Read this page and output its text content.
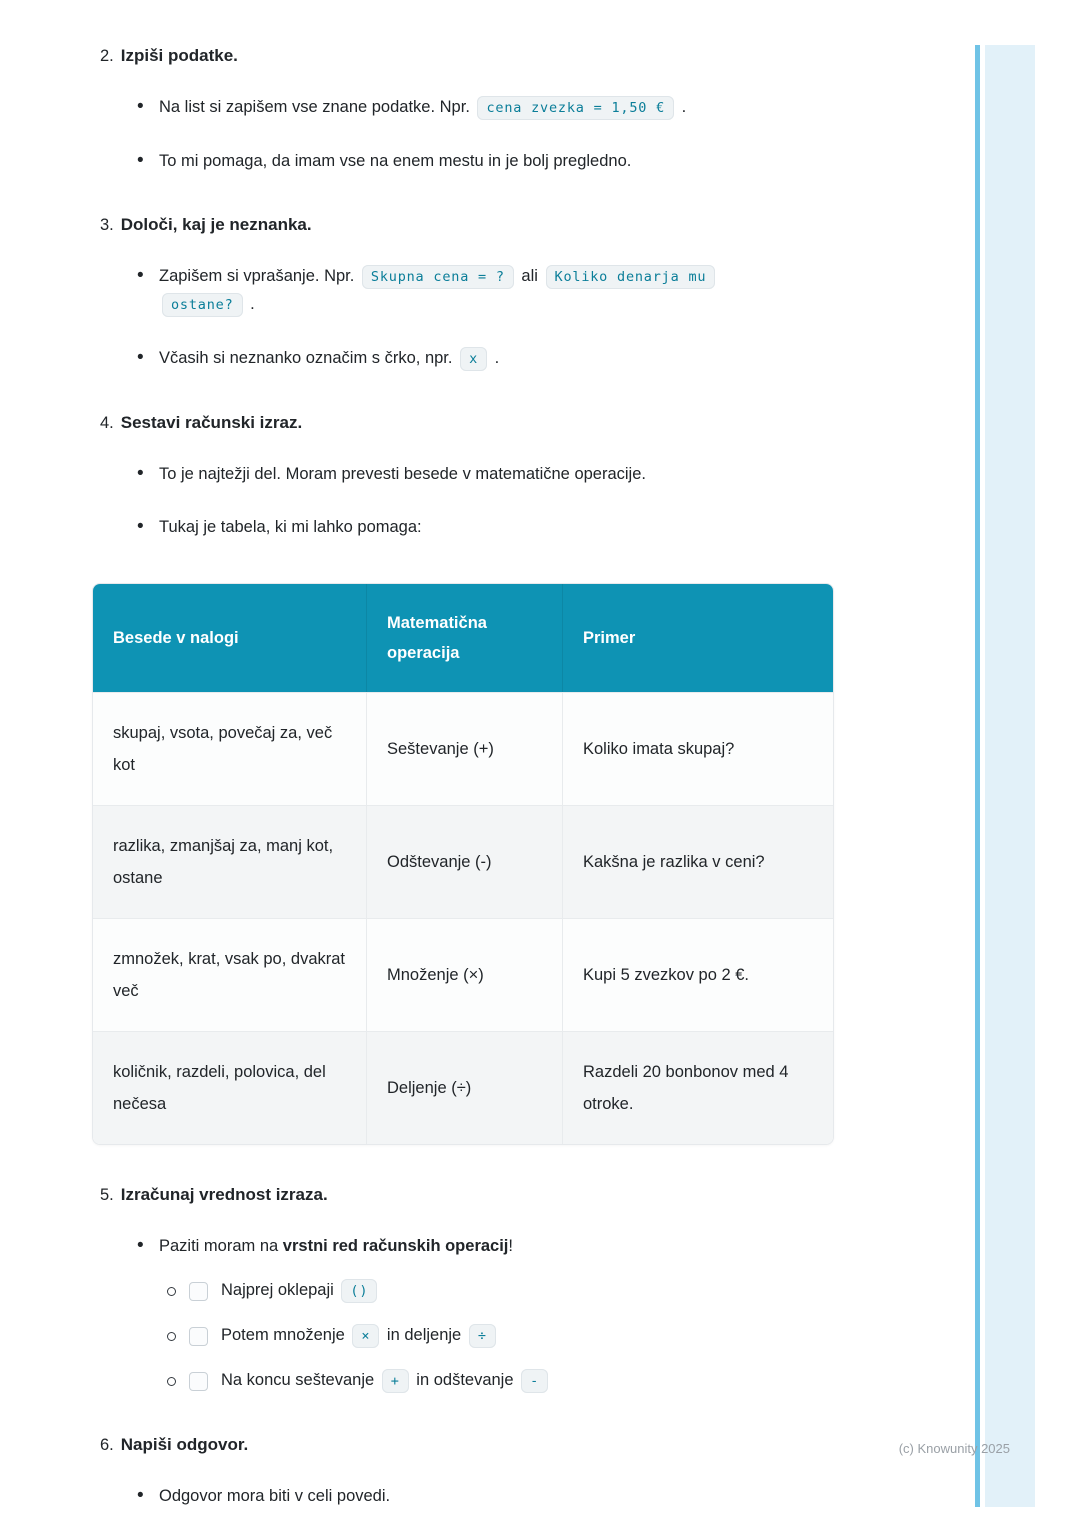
2. Izpiši podatke.
•
Na list si zapišem vse znane podatke. Npr. cena zvezka = 1,50 € .
•
To mi pomaga, da imam vse na enem mestu in je bolj pregledno.
3. Določi, kaj je neznanka.
•
Zapišem si vprašanje. Npr. Skupna cena = ? ali Koliko denarja mu
ostane? .
•
Včasih si neznanko označim s črko, npr. x .
4. Sestavi računski izraz.
•
To je najtežji del. Moram prevesti besede v matematične operacije.
•
Tukaj je tabela, ki mi lahko pomaga:
Besede v nalogi	Matematična operacija	Primer
skupaj, vsota, povečaj za, več kot	Seštevanje (+)	Koliko imata skupaj?
razlika, zmanjšaj za, manj kot, ostane	Odštevanje (-)	Kakšna je razlika v ceni?
zmnožek, krat, vsak po, dvakrat več	Množenje (×)	Kupi 5 zvezkov po 2 €.
količnik, razdeli, polovica, del nečesa	Deljenje (÷)	Razdeli 20 bonbonov med 4 otroke.
5. Izračunaj vrednost izraza.
•
Paziti moram na vrstni red računskih operacij!
Najprej oklepaji ()
Potem množenje × in deljenje ÷
Na koncu seštevanje + in odštevanje -
6. Napiši odgovor.
•
Odgovor mora biti v celi povedi.
(c) Knowunity 2025
